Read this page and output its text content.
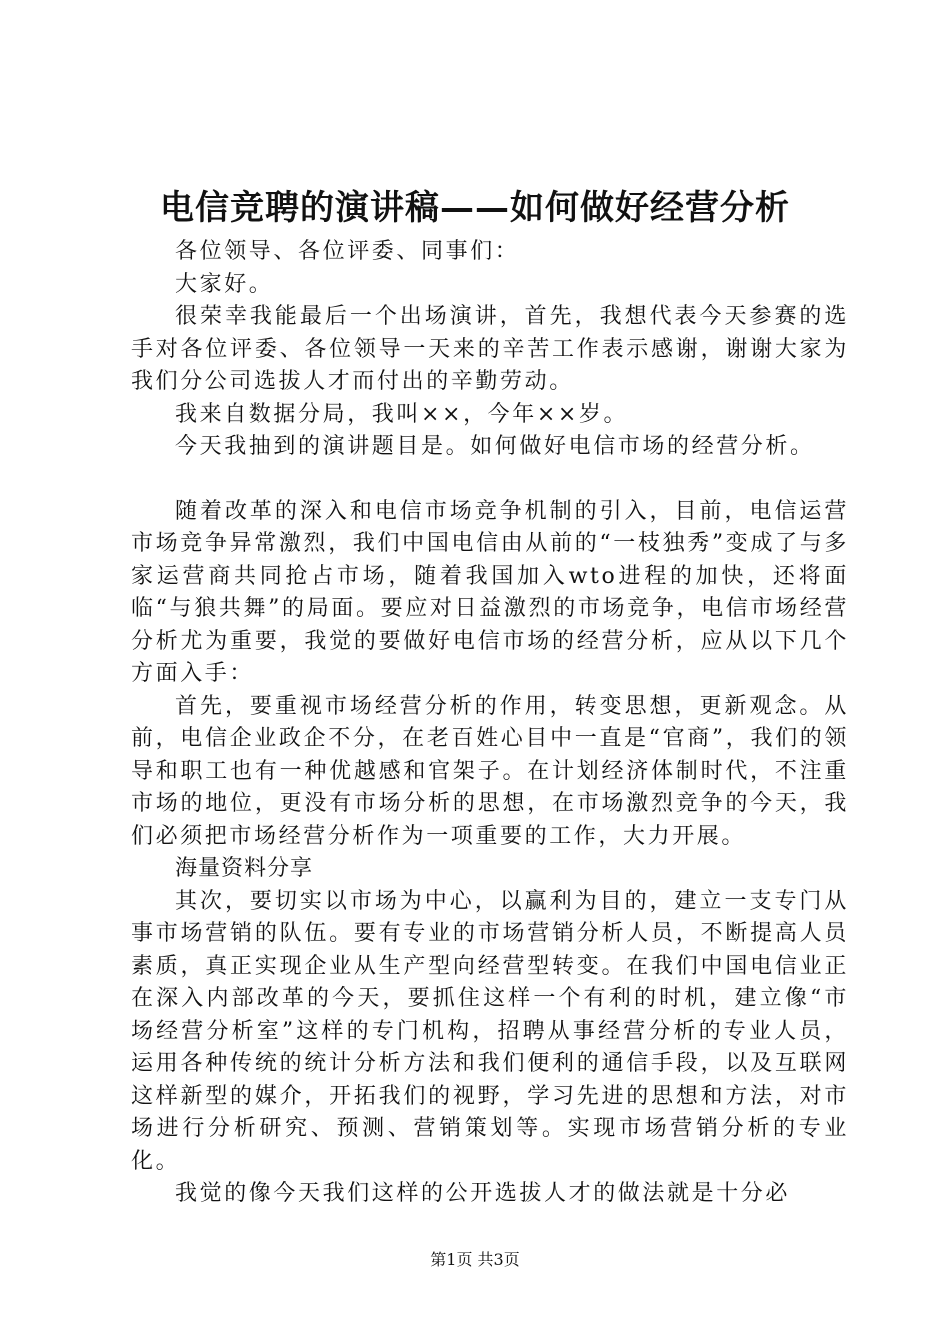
电信竞聘的演讲稿——如何做好经营分析

各位领导、各位评委、同事们：

大家好。

很荣幸我能最后一个出场演讲，首先，我想代表今天参赛的选手对各位评委、各位领导一天来的辛苦工作表示感谢，谢谢大家为我们分公司选拔人才而付出的辛勤劳动。

我来自数据分局，我叫××，今年××岁。

今天我抽到的演讲题目是。如何做好电信市场的经营分析。

随着改革的深入和电信市场竞争机制的引入，目前，电信运营市场竞争异常激烈，我们中国电信由从前的“一枝独秀”变成了与多家运营商共同抢占市场，随着我国加入wto进程的加快，还将面临“与狼共舞”的局面。要应对日益激烈的市场竞争，电信市场经营分析尤为重要，我觉的要做好电信市场的经营分析，应从以下几个方面入手：

首先，要重视市场经营分析的作用，转变思想，更新观念。从前，电信企业政企不分，在老百姓心目中一直是“官商”，我们的领导和职工也有一种优越感和官架子。在计划经济体制时代，不注重市场的地位，更没有市场分析的思想，在市场激烈竞争的今天，我们必须把市场经营分析作为一项重要的工作，大力开展。

海量资料分享

其次，要切实以市场为中心，以赢利为目的，建立一支专门从事市场营销的队伍。要有专业的市场营销分析人员，不断提高人员素质，真正实现企业从生产型向经营型转变。在我们中国电信业正在深入内部改革的今天，要抓住这样一个有利的时机，建立像“市场经营分析室”这样的专门机构，招聘从事经营分析的专业人员，运用各种传统的统计分析方法和我们便利的通信手段，以及互联网这样新型的媒介，开拓我们的视野，学习先进的思想和方法，对市场进行分析研究、预测、营销策划等。实现市场营销分析的专业化。

我觉的像今天我们这样的公开选拔人才的做法就是十分必

第1页 共3页
